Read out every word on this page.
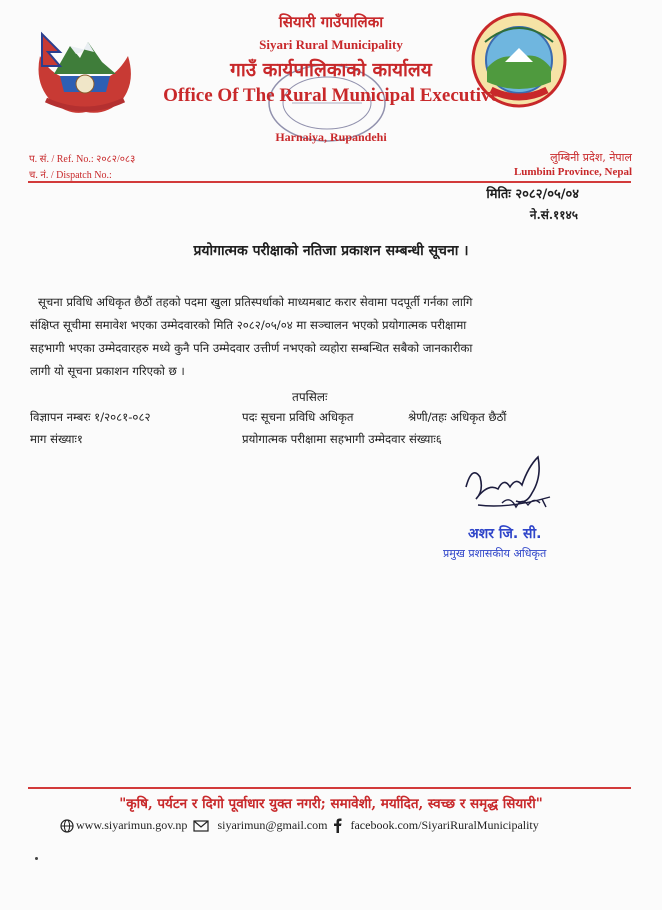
सियारी गाउँपालिका
Siyari Rural Municipality
गाउँ कार्यपालिकाको कार्यालय
Office Of The Rural Municipal Executive
Harnaiya, Rupandehi
प. सं. / Ref. No.: २०८२/०८३
च. नं. / Dispatch No.:
लुम्बिनी प्रदेश, नेपाल
Lumbini Province, Nepal
मितिः २०८२/०५/०४
ने.सं.११४५
प्रयोगात्मक परीक्षाको नतिजा प्रकाशन सम्बन्धी सूचना ।
सूचना प्रविधि अधिकृत छैठौं तहको पदमा खुला प्रतिस्पर्धाको माध्यमबाट करार सेवामा पदपूर्ती गर्नका लागि
संक्षिप्त सूचीमा समावेश भएका उम्मेदवारको मिति २०८२/०५/०४ मा सञ्चालन भएको प्रयोगात्मक परीक्षामा
सहभागी भएका उम्मेदवारहरु मध्ये कुनै पनि उम्मेदवार उत्तीर्ण नभएको व्यहोरा सम्बन्धित सबैको जानकारीका
लागी यो सूचना प्रकाशन गरिएको छ ।
तपसिलः
विज्ञापन नम्बरः १/२०८१-०८२	पदः सूचना प्रविधि अधिकृत	श्रेणी/तहः अधिकृत छैठौं
माग संख्याः१	प्रयोगात्मक परीक्षामा सहभागी उम्मेदवार संख्याः६
अशर जि. सी.
प्रमुख प्रशासकीय अधिकृत
"कृषि, पर्यटन र दिगो पूर्वाधार युक्त नगरी; समावेशी, मर्यादित, स्वच्छ र समृद्ध सियारी"
www.siyarimun.gov.np	siyarimun@gmail.com facebook.com/SiyariRuralMunicipality
